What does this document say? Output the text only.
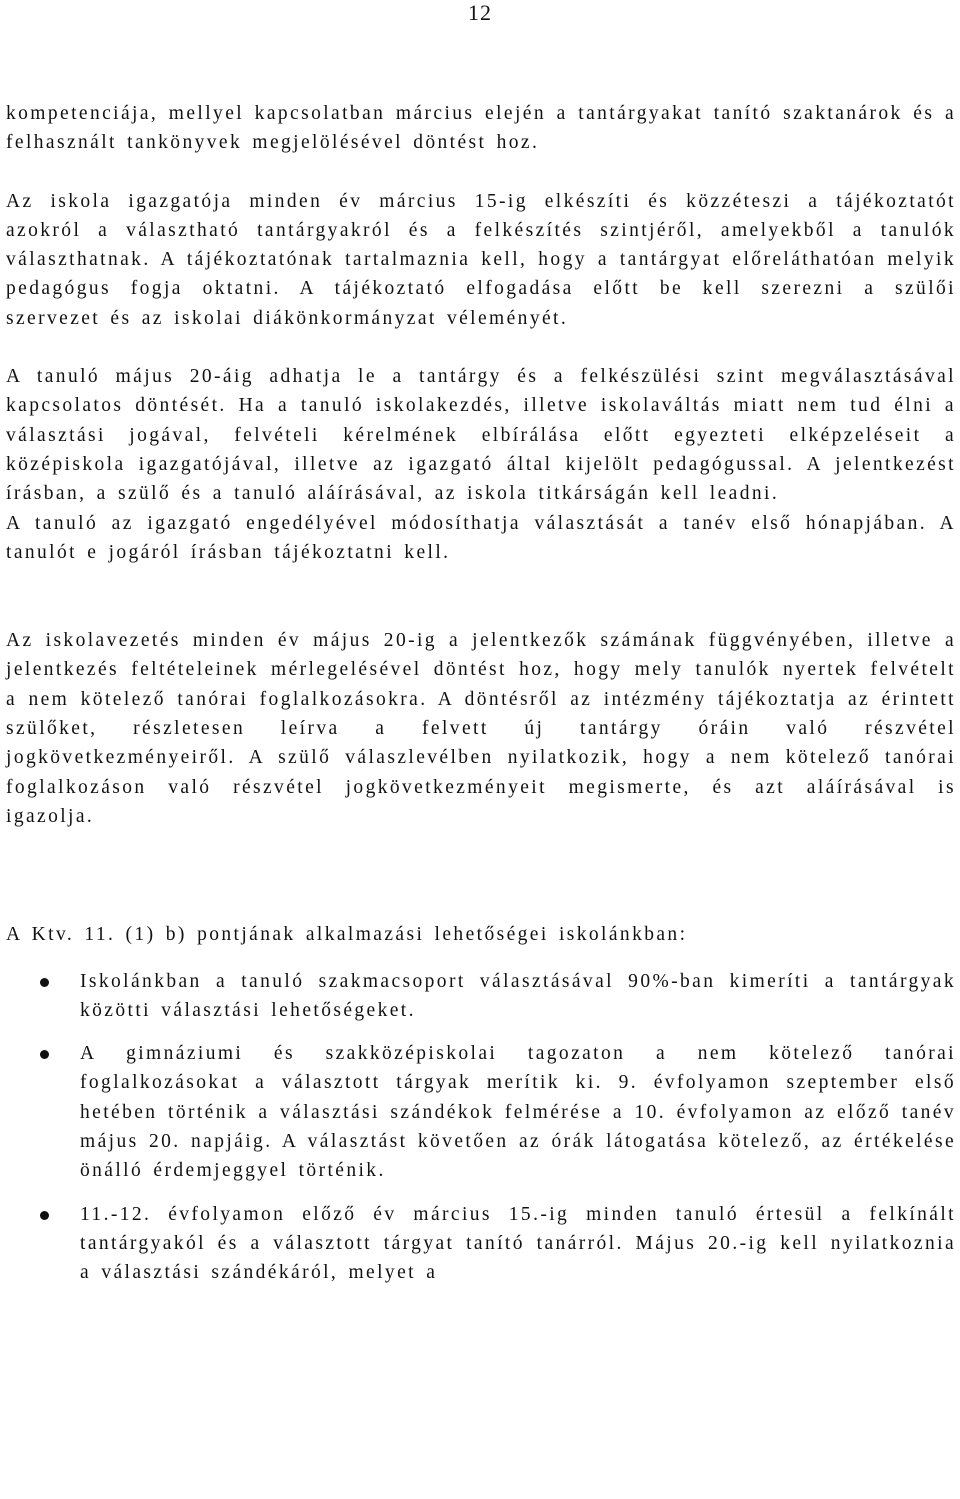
12

kompetenciája, mellyel kapcsolatban március elején a tantárgyakat tanító szaktanárok és a felhasznált tankönyvek megjelölésével döntést hoz.

Az iskola igazgatója minden év március 15-ig elkészíti és közzéteszi a tájékoztatót azokról a választható tantárgyakról és a felkészítés szintjéről, amelyekből a tanulók választhatnak. A tájékoztatónak tartalmaznia kell, hogy a tantárgyat előreláthatóan melyik pedagógus fogja oktatni. A tájékoztató elfogadása előtt be kell szerezni a szülői szervezet és az iskolai diákönkormányzat véleményét.

A tanuló május 20-áig adhatja le a tantárgy és a felkészülési szint megválasztásával kapcsolatos döntését. Ha a tanuló iskolakezdés, illetve iskolaváltás miatt nem tud élni a választási jogával, felvételi kérelmének elbírálása előtt egyezteti elképzeléseit a középiskola igazgatójával, illetve az igazgató által kijelölt pedagógussal. A jelentkezést írásban, a szülő és a tanuló aláírásával, az iskola titkárságán kell leadni.

A tanuló az igazgató engedélyével módosíthatja választását a tanév első hónapjában. A tanulót e jogáról írásban tájékoztatni kell.

Az iskolavezetés minden év május 20-ig a jelentkezők számának függvényében, illetve a jelentkezés feltételeinek mérlegelésével döntést hoz, hogy mely tanulók nyertek felvételt a nem kötelező tanórai foglalkozásokra. A döntésről az intézmény tájékoztatja az érintett szülőket, részletesen leírva a felvett új tantárgy óráin való részvétel jogkövetkezményeiről. A szülő válaszlevélben nyilatkozik, hogy a nem kötelező tanórai foglalkozáson való részvétel jogkövetkezményeit megismerte, és azt aláírásával is igazolja.

A Ktv. 11. (1) b) pontjának alkalmazási lehetőségei iskolánkban:

Iskolánkban a tanuló szakmacsoport választásával 90%-ban kimeríti a tantárgyak közötti választási lehetőségeket.

A gimnáziumi és szakközépiskolai tagozaton a nem kötelező tanórai foglalkozásokat a választott tárgyak merítik ki. 9. évfolyamon szeptember első hetében történik a választási szándékok felmérése a 10. évfolyamon az előző tanév május 20. napjáig. A választást követően az órák látogatása kötelező, az értékelése önálló érdemjeggyel történik.

11.-12. évfolyamon előző év március 15.-ig minden tanuló értesül a felkínált tantárgyakól és a választott tárgyat tanító tanárról. Május 20.-ig kell nyilatkoznia a választási szándékáról, melyet a
